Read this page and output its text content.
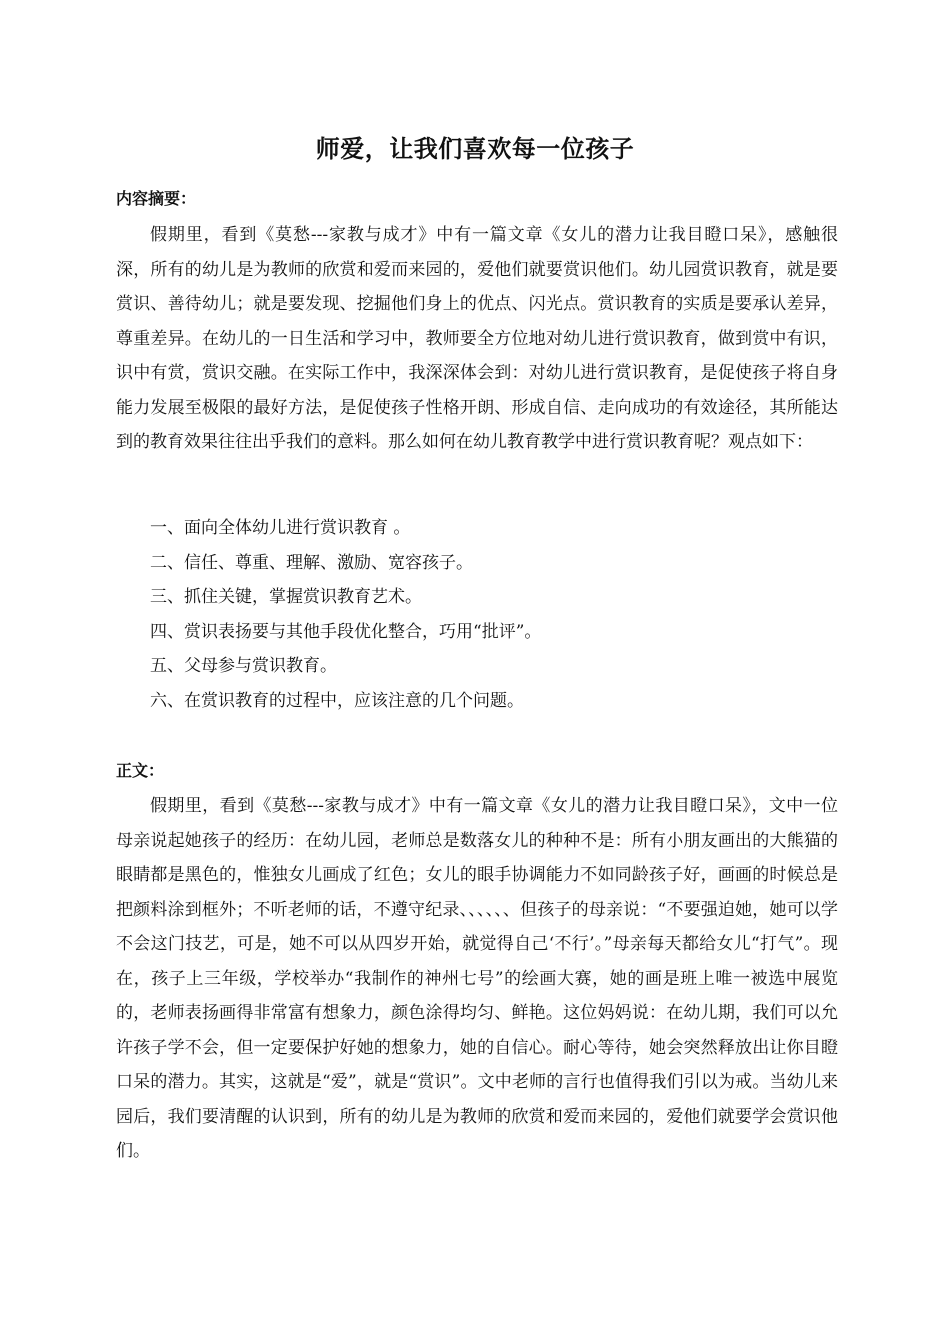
师爱，让我们喜欢每一位孩子
内容摘要：
假期里，看到《莫愁---家教与成才》中有一篇文章《女儿的潜力让我目瞪口呆》，感触很深，所有的幼儿是为教师的欣赏和爱而来园的，爱他们就要赏识他们。幼儿园赏识教育，就是要赏识、善待幼儿；就是要发现、挖掘他们身上的优点、闪光点。赏识教育的实质是要承认差异，尊重差异。在幼儿的一日生活和学习中，教师要全方位地对幼儿进行赏识教育，做到赏中有识，识中有赏，赏识交融。在实际工作中，我深深体会到：对幼儿进行赏识教育，是促使孩子将自身能力发展至极限的最好方法，是促使孩子性格开朗、形成自信、走向成功的有效途径，其所能达到的教育效果往往出乎我们的意料。那么如何在幼儿教育教学中进行赏识教育呢？观点如下：
一、面向全体幼儿进行赏识教育 。
二、信任、尊重、理解、激励、宽容孩子。
三、抓住关键，掌握赏识教育艺术。
四、赏识表扬要与其他手段优化整合，巧用“批评”。
五、父母参与赏识教育。
六、在赏识教育的过程中，应该注意的几个问题。
正文：
假期里，看到《莫愁---家教与成才》中有一篇文章《女儿的潜力让我目瞪口呆》，文中一位母亲说起她孩子的经历：在幼儿园，老师总是数落女儿的种种不是：所有小朋友画出的大熊猫的眼睛都是黑色的，惟独女儿画成了红色；女儿的眼手协调能力不如同龄孩子好，画画的时候总是把颜料涂到框外；不听老师的话，不遵守纪录、、、、、、但孩子的母亲说：“不要强迫她，她可以学不会这门技艺，可是，她不可以从四岁开始，就觉得自己‘不行’。”母亲每天都给女儿“打气”。现在，孩子上三年级，学校举办“我制作的神州七号”的绘画大赛，她的画是班上唯一被选中展览的，老师表扬画得非常富有想象力，颜色涂得均匀、鲜艳。这位妈妈说：在幼儿期，我们可以允许孩子学不会，但一定要保护好她的想象力，她的自信心。耐心等待，她会突然释放出让你目瞪口呆的潜力。其实，这就是“爱”，就是“赏识”。文中老师的言行也值得我们引以为戒。当幼儿来园后，我们要清醒的认识到，所有的幼儿是为教师的欣赏和爱而来园的，爱他们就要学会赏识他们。
